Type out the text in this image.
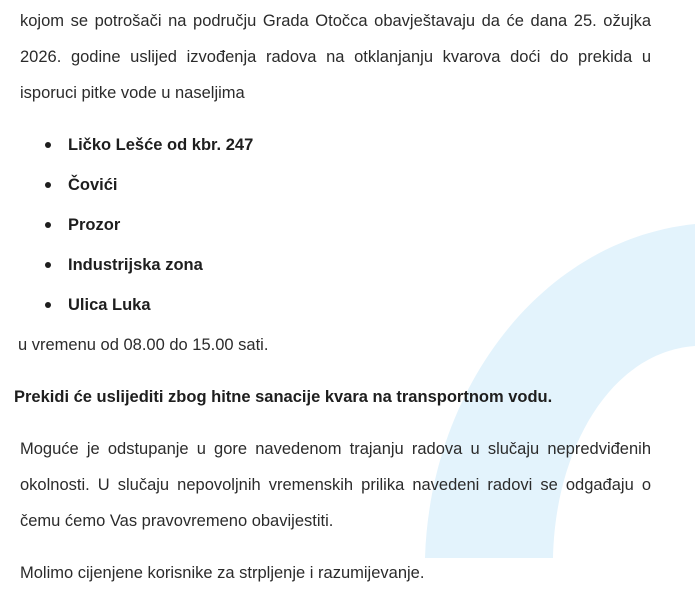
kojom se potrošači na području Grada Otočca obavještavaju da će dana 25. ožujka 2026. godine uslijed izvođenja radova na otklanjanju kvarova doći do prekida u isporuci pitke vode u naseljima

Ličko Lešće od kbr. 247
Čovići
Prozor
Industrijska zona
Ulica Luka

u vremenu od 08.00 do 15.00 sati.

Prekidi će uslijediti zbog hitne sanacije kvara na transportnom vodu.

Moguće je odstupanje u gore navedenom trajanju radova u slučaju nepredviđenih okolnosti. U slučaju nepovoljnih vremenskih prilika navedeni radovi se odgađaju o čemu ćemo Vas pravovremeno obavijestiti.

Molimo cijenjene korisnike za strpljenje i razumijevanje.
